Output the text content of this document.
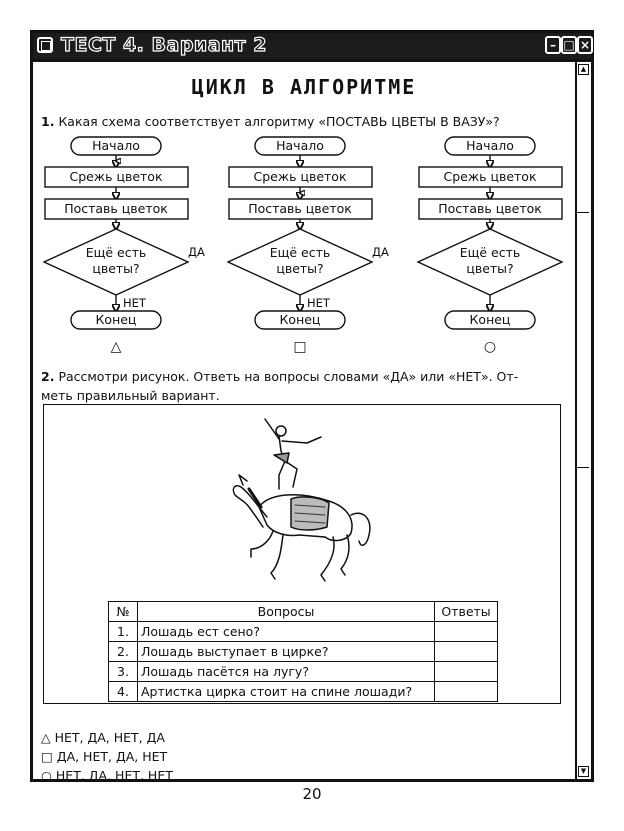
ТЕСТ 4. Вариант 2	– □ ×
▲
▼
ЦИКЛ В АЛГОРИТМЕ
1. Какая схема соответствует алгоритму «ПОСТАВЬ ЦВЕТЫ В ВАЗУ»?
Начало
Срежь цветок
Поставь цветок
Ещё есть
цветы?
ДА
НЕТ
Конец
△
Начало
Срежь цветок
Поставь цветок
Ещё есть
цветы?
ДА
НЕТ
Конец
□
Начало
Срежь цветок
Поставь цветок
Ещё есть
цветы?
Конец
○
2. Рассмотри рисунок. Ответь на вопросы словами «ДА» или «НЕТ». От-
меть правильный вариант.
№	Вопросы	Ответы
1.	Лошадь ест сено?	
2.	Лошадь выступает в цирке?	
3.	Лошадь пасётся на лугу?	
4.	Артистка цирка стоит на спине лошади?	
△ НЕТ, ДА, НЕТ, ДА
□ ДА, НЕТ, ДА, НЕТ
○ НЕТ, ДА, НЕТ, НЕТ
20
